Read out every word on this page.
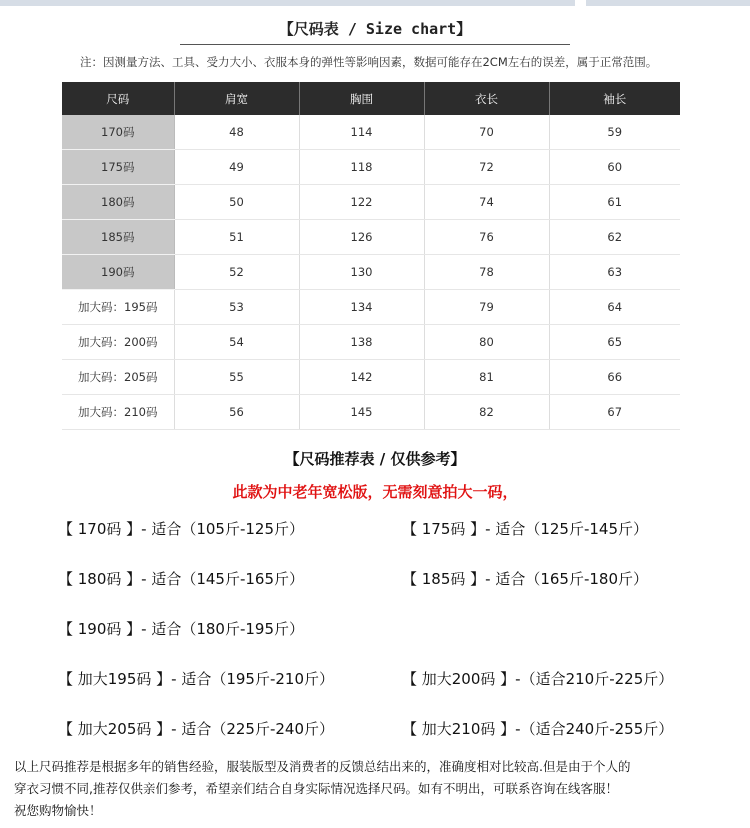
【尺码表 / Size chart】
注：因测量方法、工具、受力大小、衣服本身的弹性等影响因素，数据可能存在2CM左右的误差，属于正常范围。
尺码	肩宽	胸围	衣长	袖长
170码	48	114	70	59
175码	49	118	72	60
180码	50	122	74	61
185码	51	126	76	62
190码	52	130	78	63
加大码：195码	53	134	79	64
加大码：200码	54	138	80	65
加大码：205码	55	142	81	66
加大码：210码	56	145	82	67
【尺码推荐表 / 仅供参考】
此款为中老年宽松版，无需刻意拍大一码，
【 170码 】- 适合（105斤-125斤）	【 175码 】- 适合（125斤-145斤）
【 180码 】- 适合（145斤-165斤）	【 185码 】- 适合（165斤-180斤）
【 190码 】- 适合（180斤-195斤）
【 加大195码 】- 适合（195斤-210斤）	【 加大200码 】-（适合210斤-225斤）
【 加大205码 】- 适合（225斤-240斤）	【 加大210码 】-（适合240斤-255斤）
以上尺码推荐是根据多年的销售经验，服装版型及消费者的反馈总结出来的，准确度相对比较高.但是由于个人的
穿衣习惯不同,推荐仅供亲们参考，希望亲们结合自身实际情况选择尺码。如有不明出，可联系咨询在线客服！
祝您购物愉快！
